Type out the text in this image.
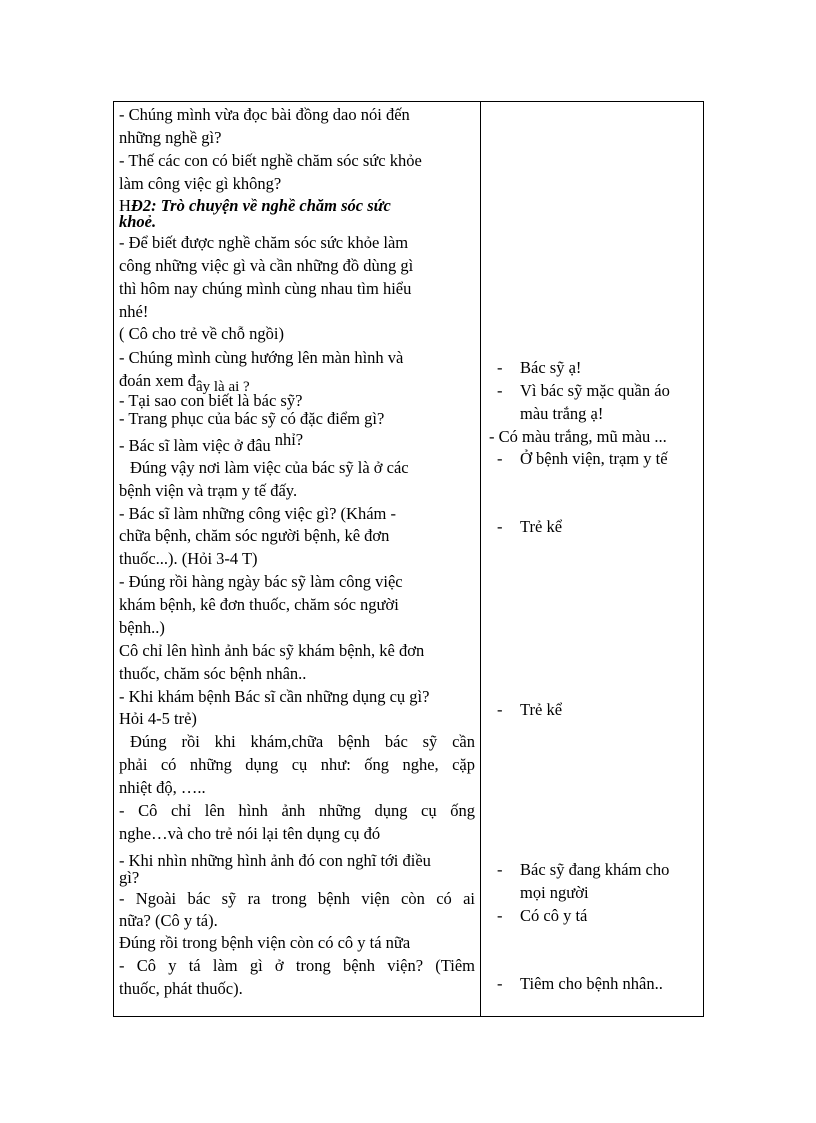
- Chúng mình vừa đọc bài đồng dao nói đến
những nghề gì?
- Thế các con có biết nghề chăm sóc sức khỏe
làm công việc gì không?
HĐ2: Trò chuyện về nghề chăm sóc sức
khoẻ.
- Để biết được nghề chăm sóc sức khỏe làm
công những việc gì và cần những đồ dùng gì
thì hôm nay chúng mình cùng nhau tìm hiểu
nhé!
( Cô cho trẻ về chỗ ngồi)
- Chúng mình cùng hướng lên màn hình và
đoán xem đây là ai ?
- Tại sao con biết là bác sỹ?
- Trang phục của bác sỹ có đặc điểm gì?
- Bác sĩ làm việc ở đâu nhỉ?
Đúng vậy nơi làm việc của bác sỹ là ở các
bệnh viện và trạm y tế đấy.
- Bác sĩ làm những công việc gì? (Khám -
chữa bệnh, chăm sóc người bệnh, kê đơn
thuốc...). (Hỏi 3-4 T)
- Đúng rồi hàng ngày bác sỹ làm công việc
khám bệnh, kê đơn thuốc, chăm sóc người
bệnh..)
Cô chỉ lên hình ảnh bác sỹ khám bệnh, kê đơn
thuốc, chăm sóc bệnh nhân..
- Khi khám bệnh Bác sĩ cần những dụng cụ gì?
Hỏi 4-5 trẻ)
Đúng rồi khi khám,chữa bệnh bác sỹ cần
phải có những dụng cụ như: ống nghe, cặp
nhiệt độ, …..
- Cô chỉ lên hình ảnh những dụng cụ ống
nghe…và cho trẻ nói lại tên dụng cụ đó
- Khi nhìn những hình ảnh đó con nghĩ tới điều
gì?
- Ngoài bác sỹ ra trong bệnh viện còn có ai
nữa? (Cô y tá).
Đúng rồi trong bệnh viện còn có cô y tá nữa
- Cô y tá làm gì ở trong bệnh viện? (Tiêm
thuốc, phát thuốc).
- Bác sỹ ạ!
- Vì bác sỹ mặc quần áo
màu trắng ạ!
- Có màu trắng, mũ màu ...
- Ở bệnh viện, trạm y tế
- Trẻ kể
- Trẻ kể
- Bác sỹ đang khám cho
mọi người
- Có cô y tá
- Tiêm cho bệnh nhân..
